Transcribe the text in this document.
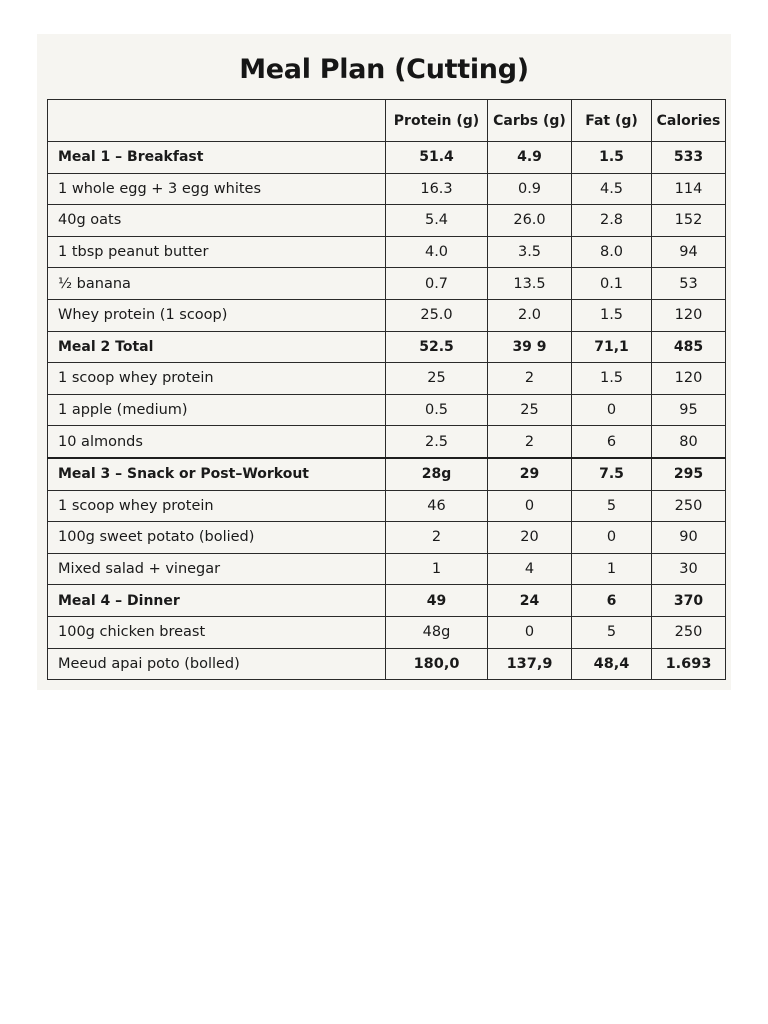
Meal Plan (Cutting)
	Protein (g)	Carbs (g)	Fat (g)	Calories
Meal 1 – Breakfast	51.4	4.9	1.5	533
1 whole egg + 3 egg whites	16.3	0.9	4.5	114
40g oats	5.4	26.0	2.8	152
1 tbsp peanut butter	4.0	3.5	8.0	94
½ banana	0.7	13.5	0.1	53
Whey protein (1 scoop)	25.0	2.0	1.5	120
Meal 2 Total	52.5	39 9	71,1	485
1 scoop whey protein	25	2	1.5	120
1 apple (medium)	0.5	25	0	95
10 almonds	2.5	2	6	80
Meal 3 – Snack or Post–Workout	28g	29	7.5	295
1 scoop whey protein	46	0	5	250
100g sweet potato (bolied)	2	20	0	90
Mixed salad + vinegar	1	4	1	30
Meal 4 – Dinner	49	24	6	370
100g chicken breast	48g	0	5	250
Meeud apai poto (bolled)	180,0	137,9	48,4	1.693
